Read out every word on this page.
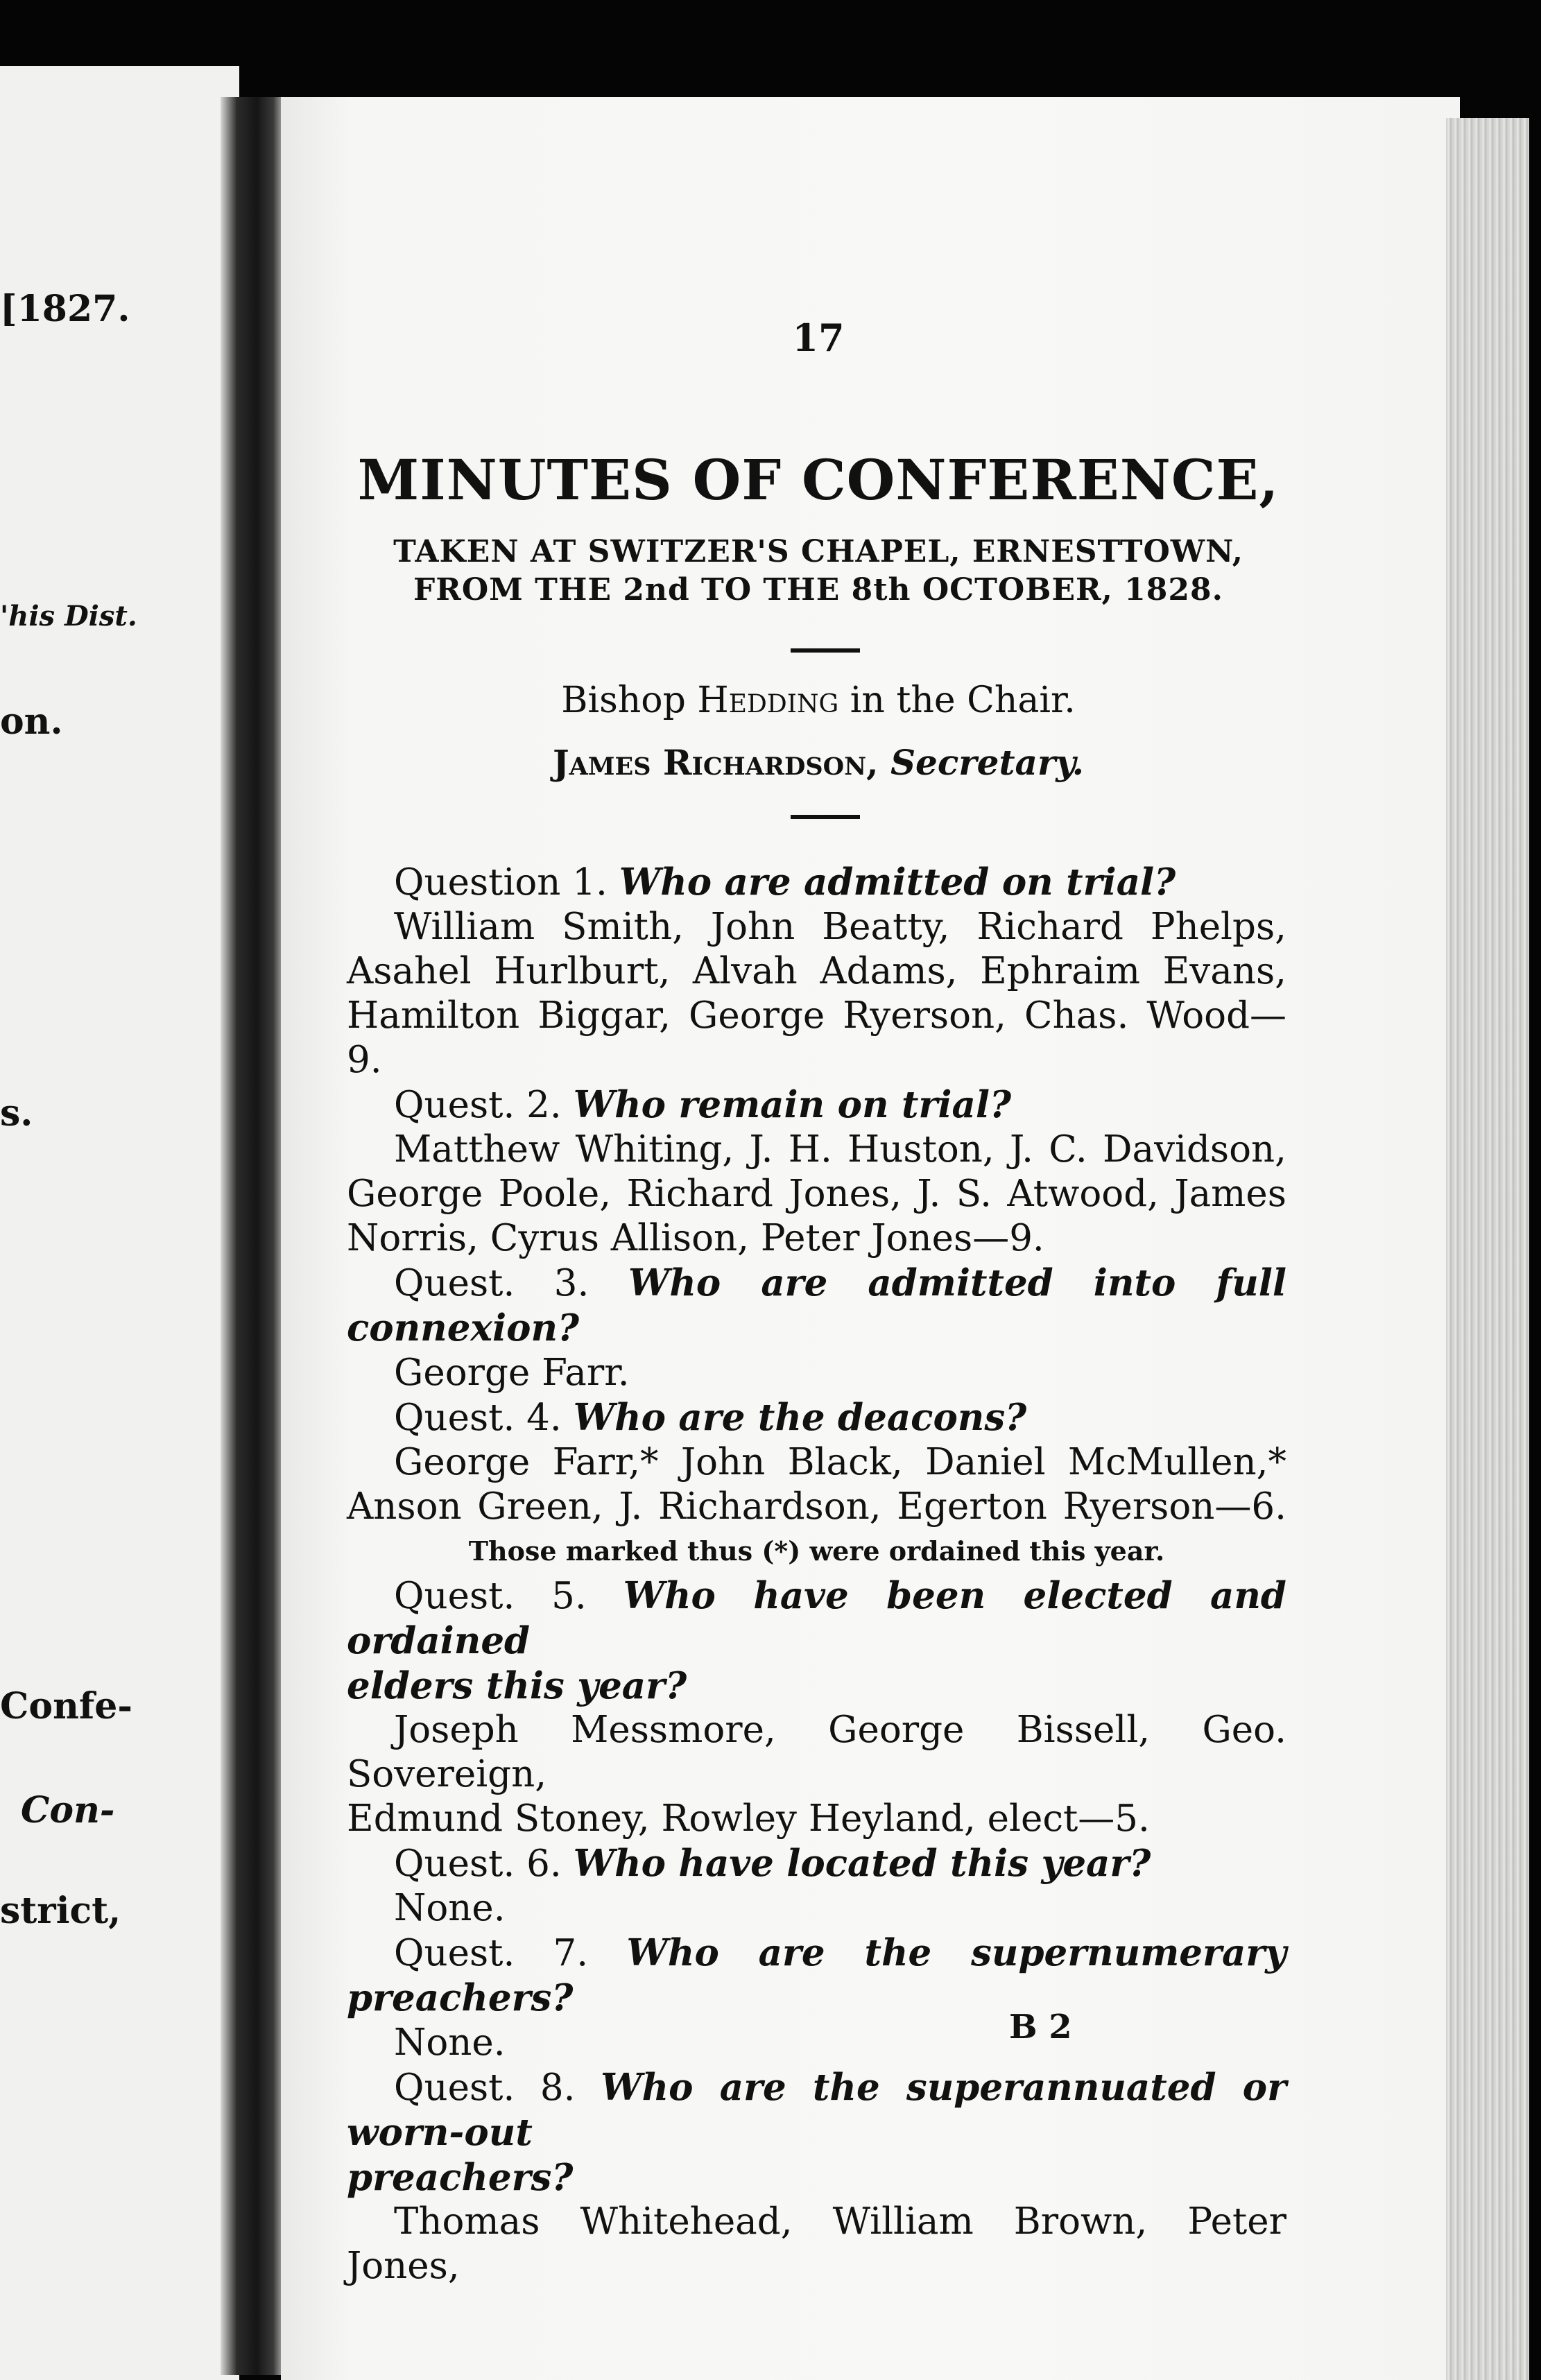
[1827.
'his Dist.
on.
s.
Confe-
Con-
strict,
17
MINUTES OF CONFERENCE,
TAKEN AT SWITZER'S CHAPEL, ERNESTTOWN,
FROM THE 2nd TO THE 8th OCTOBER, 1828.
Bishop Hedding in the Chair.
James Richardson, Secretary.

Question 1. Who are admitted on trial?

William Smith, John Beatty, Richard Phelps,

Asahel Hurlburt, Alvah Adams, Ephraim Evans,

Hamilton Biggar, George Ryerson, Chas. Wood—9.

Quest. 2. Who remain on trial?

Matthew Whiting, J. H. Huston, J. C. Davidson,

George Poole, Richard Jones, J. S. Atwood, James

Norris, Cyrus Allison, Peter Jones—9.

Quest. 3. Who are admitted into full connexion?

George Farr.

Quest. 4. Who are the deacons?

George Farr,* John Black, Daniel McMullen,*

Anson Green, J. Richardson, Egerton Ryerson—6.

Those marked thus (*) were ordained this year.

Quest. 5. Who have been elected and ordained

elders this year?

Joseph Messmore, George Bissell, Geo. Sovereign,

Edmund Stoney, Rowley Heyland, elect—5.

Quest. 6. Who have located this year?

None.

Quest. 7. Who are the supernumerary preachers?

None.

Quest. 8. Who are the superannuated or worn-out

preachers?

Thomas Whitehead, William Brown, Peter Jones,

B 2
